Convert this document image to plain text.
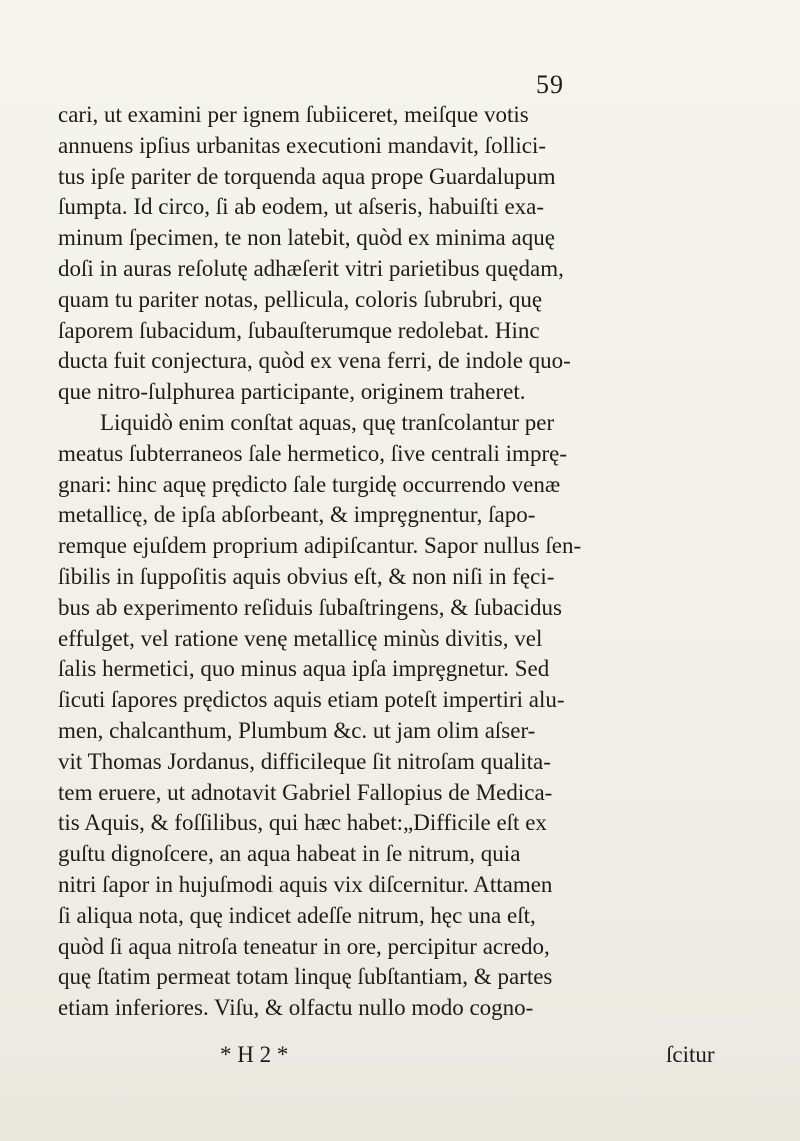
59
cari, ut examini per ignem ſubiiceret, meiſque votis
annuens ipſius urbanitas executioni mandavit, ſollici-
tus ipſe pariter de torquenda aqua prope Guardalupum
ſumpta. Id circo, ſi ab eodem, ut aſseris, habuiſti exa-
minum ſpecimen, te non latebit, quòd ex minima aquę
doſi in auras reſolutę adhæſerit vitri parietibus quędam,
quam tu pariter notas, pellicula, coloris ſubrubri, quę
ſaporem ſubacidum, ſubauſterumque redolebat. Hinc
ducta fuit conjectura, quòd ex vena ferri, de indole quo-
que nitro-ſulphurea participante, originem traheret.
Liquidò enim conſtat aquas, quę tranſcolantur per
meatus ſubterraneos ſale hermetico, ſive centrali imprę-
gnari: hinc aquę prędicto ſale turgidę occurrendo venæ
metallicę, de ipſa abſorbeant, & imprȩgnentur, ſapo-
remque ejuſdem proprium adipiſcantur. Sapor nullus ſen-
ſibilis in ſuppoſitis aquis obvius eſt, & non niſi in fęci-
bus ab experimento reſiduis ſubaſtringens, & ſubacidus
effulget, vel ratione venę metallicę minùs divitis, vel
ſalis hermetici, quo minus aqua ipſa imprȩgnetur. Sed
ſicuti ſapores prędictos aquis etiam poteſt impertiri alu-
men, chalcanthum, Plumbum &c. ut jam olim aſser-
vit Thomas Jordanus, difficileque ſit nitroſam qualita-
tem eruere, ut adnotavit Gabriel Fallopius de Medica-
tis Aquis, & foſſilibus, qui hæc habet:„Difficile eſt ex
guſtu dignoſcere, an aqua habeat in ſe nitrum, quia
nitri ſapor in hujuſmodi aquis vix diſcernitur. Attamen
ſi aliqua nota, quę indicet adeſſe nitrum, hęc una eſt,
quòd ſi aqua nitroſa teneatur in ore, percipitur acredo,
quę ſtatim permeat totam linquę ſubſtantiam, & partes
etiam inferiores. Viſu, & olfactu nullo modo cogno-
* H 2 *	ſcitur
